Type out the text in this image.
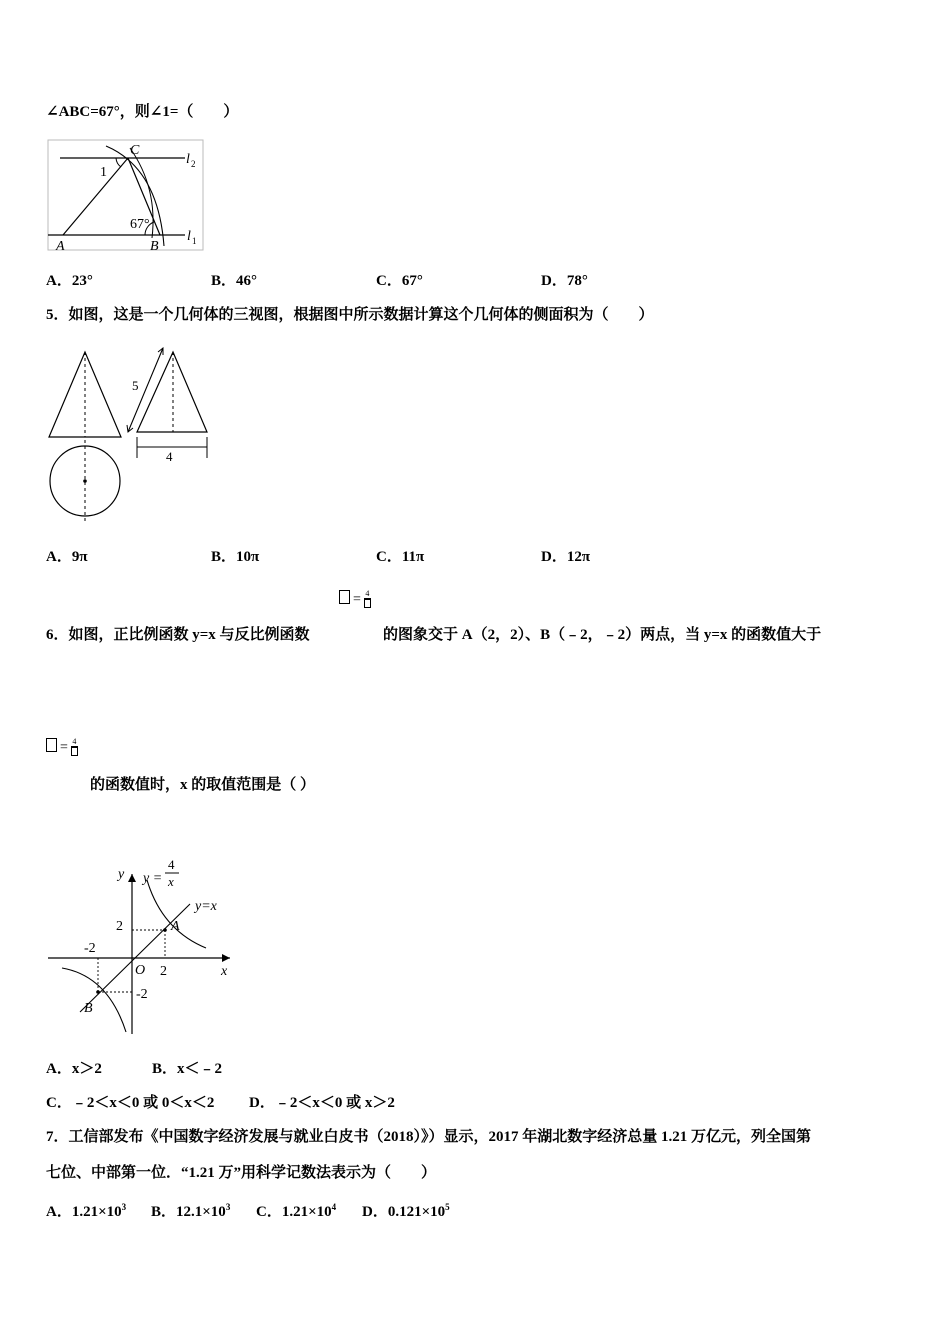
∠ABC=67°，则∠1=（　　）
C
A	B
l 2
l 1
1
67°
A．23°	B．46°	C．67°	D．78°
5．如图，这是一个几何体的三视图，根据图中所示数据计算这个几何体的侧面积为（　　）
5
4
A．9π	B．10π	C．11π	D．12π
= 4
6．如图，正比例函数 y=x 与反比例函数	的图象交于 A（2，2）、B（﹣2，﹣2）两点，当 y=x 的函数值大于
= 4
的函数值时，x 的取值范围是（ ）
y
x
O
A
B
y=x
y =
4
x
2
-2
2
-2
A．x＞2	B．x＜﹣2
C．﹣2＜x＜0 或 0＜x＜2 D．﹣2＜x＜0 或 x＞2
7．工信部发布《中国数字经济发展与就业白皮书（2018）》）显示，2017 年湖北数字经济总量 1.21 万亿元，列全国第
七位、中部第一位．“1.21 万”用科学记数法表示为（　　）
A．$1.21\times 10^3$ B．$12.1\times 10^3$ C．$1.21\times 10^4$ D．$0.121\times 10^5$
